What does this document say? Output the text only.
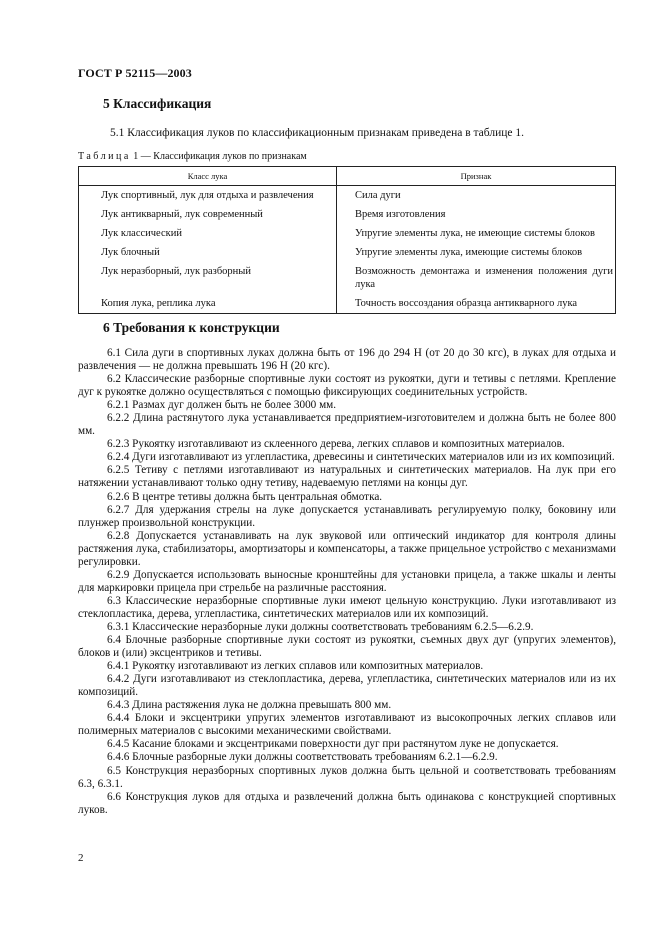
ГОСТ Р 52115—2003
5 Классификация
5.1 Классификация луков по классификационным признакам приведена в таблице 1.
Таблица 1 — Классификация луков по признакам
Класс лука	Признак
Лук спортивный, лук для отдыха и развлечения	Сила дуги
Лук антикварный, лук современный	Время изготовления
Лук классический	Упругие элементы лука, не имеющие системы блоков
Лук блочный	Упругие элементы лука, имеющие системы блоков
Лук неразборный, лук разборный	Возможность демонтажа и изменения положения дуги лука
Копия лука, реплика лука	Точность воссоздания образца антикварного лука
6 Требования к конструкции

6.1 Сила дуги в спортивных луках должна быть от 196 до 294 Н (от 20 до 30 кгс), в луках для отдыха и развлечения — не должна превышать 196 Н (20 кгс).

6.2 Классические разборные спортивные луки состоят из рукоятки, дуги и тетивы с петлями. Крепление дуг к рукоятке должно осуществляться с помощью фиксирующих соединительных устройств.

6.2.1 Размах дуг должен быть не более 3000 мм.

6.2.2 Длина растянутого лука устанавливается предприятием-изготовителем и должна быть не более 800 мм.

6.2.3 Рукоятку изготавливают из склеенного дерева, легких сплавов и композитных материалов.

6.2.4 Дуги изготавливают из углепластика, древесины и синтетических материалов или из их композиций.

6.2.5 Тетиву с петлями изготавливают из натуральных и синтетических материалов. На лук при его натяжении устанавливают только одну тетиву, надеваемую петлями на концы дуг.

6.2.6 В центре тетивы должна быть центральная обмотка.

6.2.7 Для удержания стрелы на луке допускается устанавливать регулируемую полку, боковину или плунжер произвольной конструкции.

6.2.8 Допускается устанавливать на лук звуковой или оптический индикатор для контроля длины растяжения лука, стабилизаторы, амортизаторы и компенсаторы, а также прицельное устройство с механизмами регулировки.

6.2.9 Допускается использовать выносные кронштейны для установки прицела, а также шкалы и ленты для маркировки прицела при стрельбе на различные расстояния.

6.3 Классические неразборные спортивные луки имеют цельную конструкцию. Луки изготавливают из стеклопластика, дерева, углепластика, синтетических материалов или их композиций.

6.3.1 Классические неразборные луки должны соответствовать требованиям 6.2.5—6.2.9.

6.4 Блочные разборные спортивные луки состоят из рукоятки, съемных двух дуг (упругих элементов), блоков и (или) эксцентриков и тетивы.

6.4.1 Рукоятку изготавливают из легких сплавов или композитных материалов.

6.4.2 Дуги изготавливают из стеклопластика, дерева, углепластика, синтетических материалов или из их композиций.

6.4.3 Длина растяжения лука не должна превышать 800 мм.

6.4.4 Блоки и эксцентрики упругих элементов изготавливают из высокопрочных легких сплавов или полимерных материалов с высокими механическими свойствами.

6.4.5 Касание блоками и эксцентриками поверхности дуг при растянутом луке не допускается.

6.4.6 Блочные разборные луки должны соответствовать требованиям 6.2.1—6.2.9.

6.5 Конструкция неразборных спортивных луков должна быть цельной и соответствовать требованиям 6.3, 6.3.1.

6.6 Конструкция луков для отдыха и развлечений должна быть одинакова с конструкцией спортивных луков.

2
